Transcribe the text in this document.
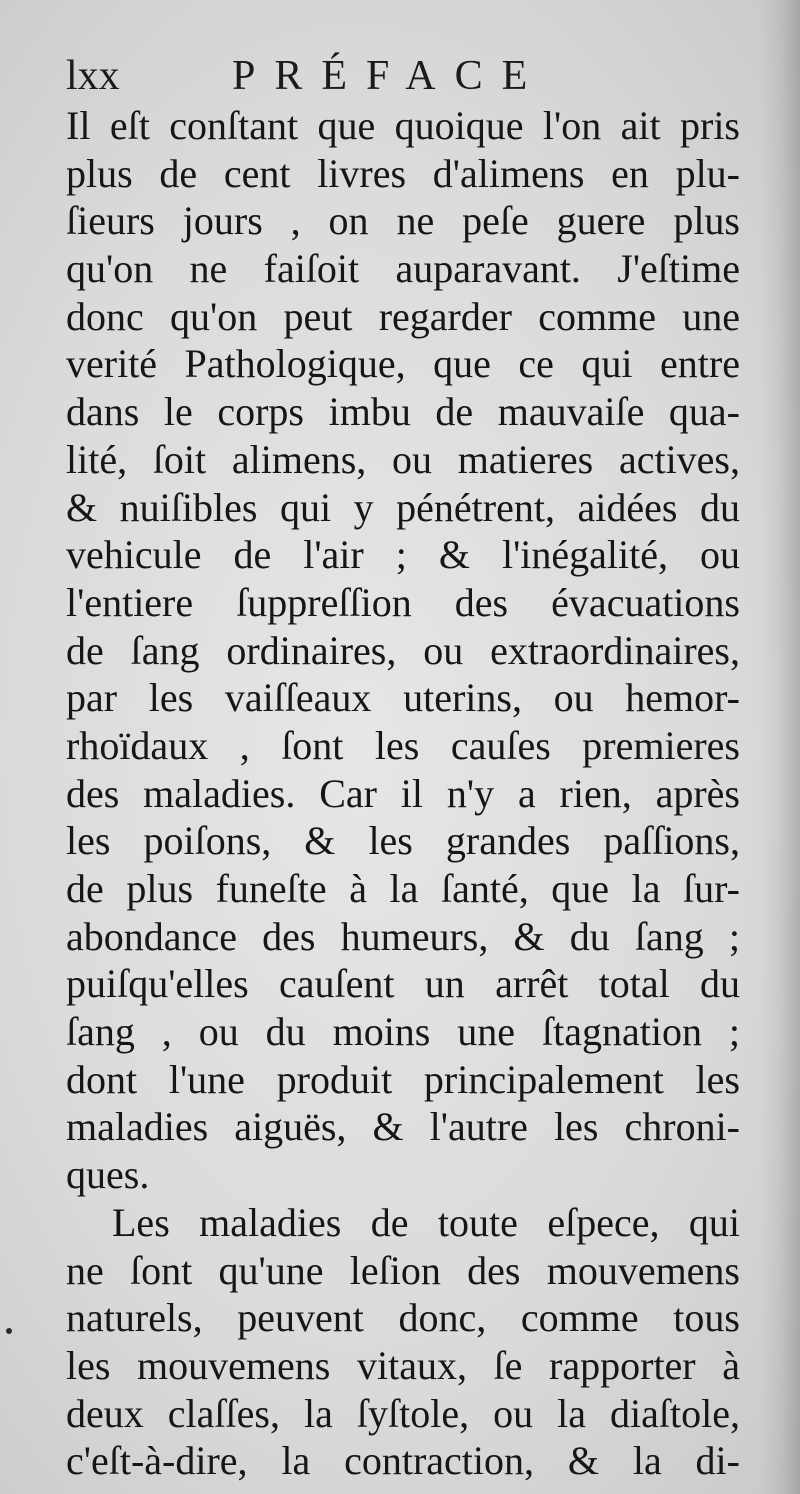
lxx	PRÉFACE
Il eſt conſtant que quoique l'on ait pris
plus de cent livres d'alimens en plu-
ſieurs jours , on ne peſe guere plus
qu'on ne faiſoit auparavant. J'eſtime
donc qu'on peut regarder comme une
verité Pathologique, que ce qui entre
dans le corps imbu de mauvaiſe qua-
lité, ſoit alimens, ou matieres actives,
& nuiſibles qui y pénétrent, aidées du
vehicule de l'air ; & l'inégalité, ou
l'entiere ſuppreſſion des évacuations
de ſang ordinaires, ou extraordinaires,
par les vaiſſeaux uterins, ou hemor-
rhoïdaux , ſont les cauſes premieres
des maladies. Car il n'y a rien, après
les poiſons, & les grandes paſſions,
de plus funeſte à la ſanté, que la ſur-
abondance des humeurs, & du ſang ;
puiſqu'elles cauſent un arrêt total du
ſang , ou du moins une ſtagnation ;
dont l'une produit principalement les
maladies aiguës, & l'autre les chroni-
ques.
Les maladies de toute eſpece, qui
ne ſont qu'une leſion des mouvemens
naturels, peuvent donc, comme tous
les mouvemens vitaux, ſe rapporter à
deux claſſes, la ſyſtole, ou la diaſtole,
c'eſt-à-dire, la contraction, & la di-
